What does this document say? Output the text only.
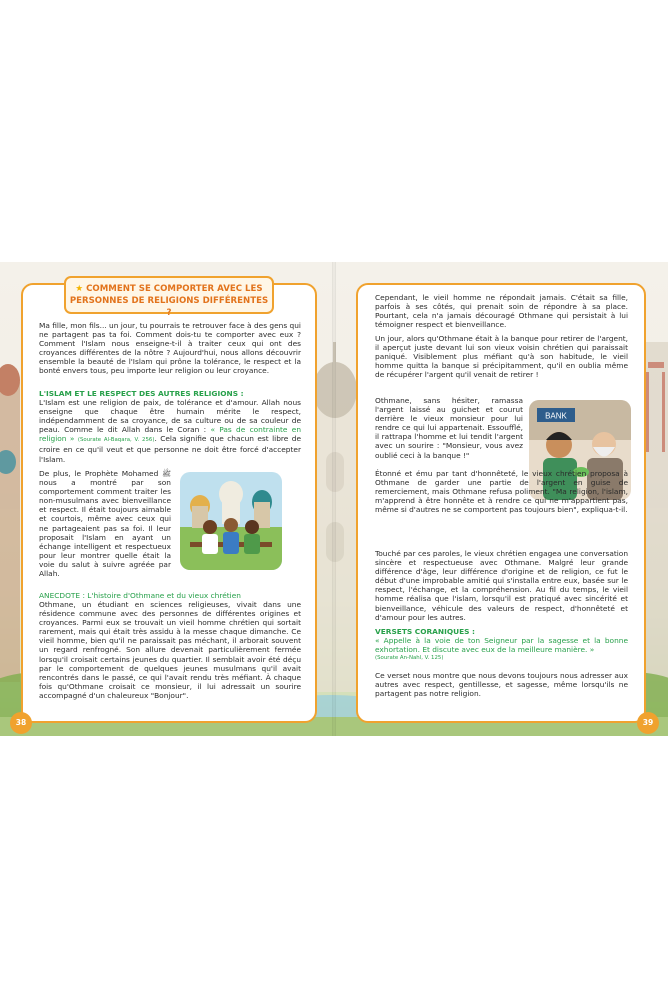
★ COMMENT SE COMPORTER AVEC LES
PERSONNES DE RELIGIONS DIFFÉRENTES ?
Ma fille, mon fils... un jour, tu pourrais te retrouver face à des gens qui ne partagent pas ta foi. Comment dois-tu te comporter avec eux ? Comment l'Islam nous enseigne-t-il à traiter ceux qui ont des croyances différentes de la nôtre ? Aujourd'hui, nous allons découvrir ensemble la beauté de l'Islam qui prône la tolérance, le respect et la bonté envers tous, peu importe leur religion ou leur croyance.
L'ISLAM ET LE RESPECT DES AUTRES RELIGIONS :
L'Islam est une religion de paix, de tolérance et d'amour. Allah nous enseigne que chaque être humain mérite le respect, indépendamment de sa croyance, de sa culture ou de sa couleur de peau. Comme le dit Allah dans le Coran : « Pas de contrainte en religion » (Sourate Al-Baqara, V. 256). Cela signifie que chacun est libre de croire en ce qu'il veut et que personne ne doit être forcé d'accepter l'Islam.
De plus, le Prophète Mohamed ﷺ nous a montré par son comportement comment traiter les non-musulmans avec bienveillance et respect. Il était toujours aimable et courtois, même avec ceux qui ne partageaient pas sa foi. Il leur proposait l'Islam en ayant un échange intelligent et respectueux pour leur montrer quelle était la voie du salut à suivre agréée par Allah.
ANECDOTE : L'histoire d'Othmane et du vieux chrétien
Othmane, un étudiant en sciences religieuses, vivait dans une résidence commune avec des personnes de différentes origines et croyances. Parmi eux se trouvait un vieil homme chrétien qui sortait rarement, mais qui était très assidu à la messe chaque dimanche. Ce vieil homme, bien qu'il ne paraissait pas méchant, il arborait souvent un regard renfrogné. Son allure devenait particulièrement fermée lorsqu'il croisait certains jeunes du quartier. Il semblait avoir été déçu par le comportement de quelques jeunes musulmans qu'il avait rencontrés dans le passé, ce qui l'avait rendu très méfiant. À chaque fois qu'Othmane croisait ce monsieur, il lui adressait un sourire accompagné d'un chaleureux "Bonjour".
38
Cependant, le vieil homme ne répondait jamais. C'était sa fille, parfois à ses côtés, qui prenait soin de répondre à sa place. Pourtant, cela n'a jamais découragé Othmane qui persistait à lui témoigner respect et bienveillance.
Un jour, alors qu'Othmane était à la banque pour retirer de l'argent, il aperçut juste devant lui son vieux voisin chrétien qui paraissait paniqué. Visiblement plus méfiant qu'à son habitude, le vieil homme quitta la banque si précipitamment, qu'il en oublia même de récupérer l'argent qu'il venait de retirer !
Othmane, sans hésiter, ramassa l'argent laissé au guichet et courut derrière le vieux monsieur pour lui rendre ce qui lui appartenait. Essoufflé, il rattrapa l'homme et lui tendit l'argent avec un sourire : "Monsieur, vous avez oublié ceci à la banque !"
BANK
Étonné et ému par tant d'honnêteté, le vieux chrétien proposa à Othmane de garder une partie de l'argent en guise de remerciement, mais Othmane refusa poliment. "Ma religion, l'islam, m'apprend à être honnête et à rendre ce qui ne m'appartient pas, même si d'autres ne se comportent pas toujours bien", expliqua-t-il.
Touché par ces paroles, le vieux chrétien engagea une conversation sincère et respectueuse avec Othmane. Malgré leur grande différence d'âge, leur différence d'origine et de religion, ce fut le début d'une improbable amitié qui s'installa entre eux, basée sur le respect, l'échange, et la compréhension. Au fil du temps, le vieil homme réalisa que l'islam, lorsqu'il est pratiqué avec sincérité et bienveillance, véhicule des valeurs de respect, d'honnêteté et d'amour pour les autres.
VERSETS CORANIQUES :
« Appelle à la voie de ton Seigneur par la sagesse et la bonne exhortation. Et discute avec eux de la meilleure manière. »
(Sourate An-Nahl, V. 125)
Ce verset nous montre que nous devons toujours nous adresser aux autres avec respect, gentillesse, et sagesse, même lorsqu'ils ne partagent pas notre religion.
39
